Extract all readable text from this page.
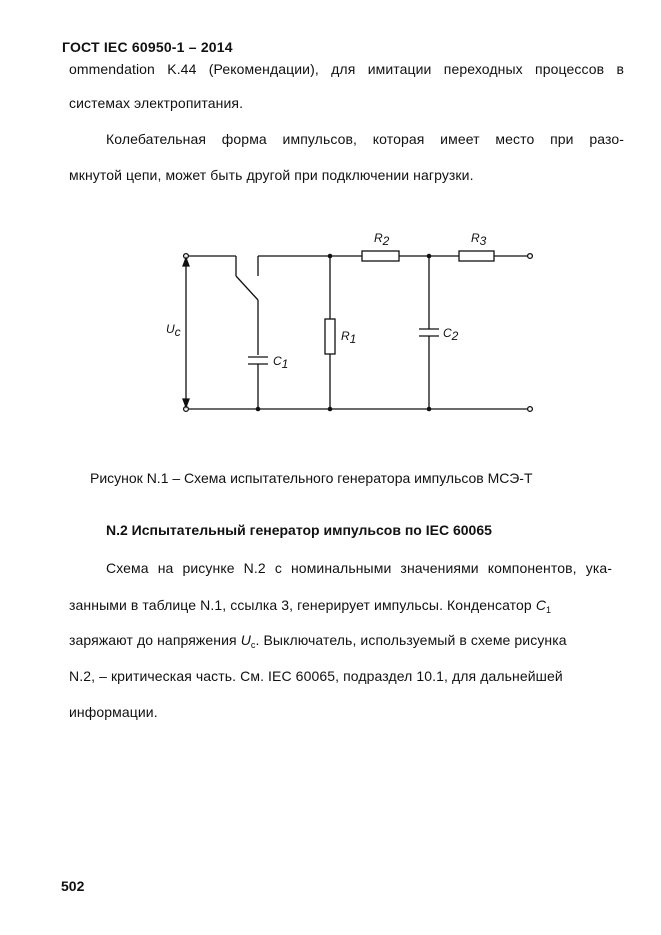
ГОСТ IEC 60950-1 – 2014
ommendation K.44 (Рекомендации), для имитации переходных процессов в
системах электропитания.
Колебательная форма импульсов, которая имеет место при разо-
мкнутой цепи, может быть другой при подключении нагрузки.
Uc
C1
R1
R2
C2
R3
Рисунок N.1 – Схема испытательного генератора импульсов МСЭ-Т
N.2 Испытательный генератор импульсов по IEC 60065
Схема на рисунке N.2 с номинальными значениями компонентов, ука-
занными в таблице N.1, ссылка 3, генерирует импульсы. Конденсатор $C_1$
заряжают до напряжения $U_c$. Выключатель, используемый в схеме рисунка
N.2, – критическая часть. См. IEC 60065, подраздел 10.1, для дальнейшей
информации.
502
